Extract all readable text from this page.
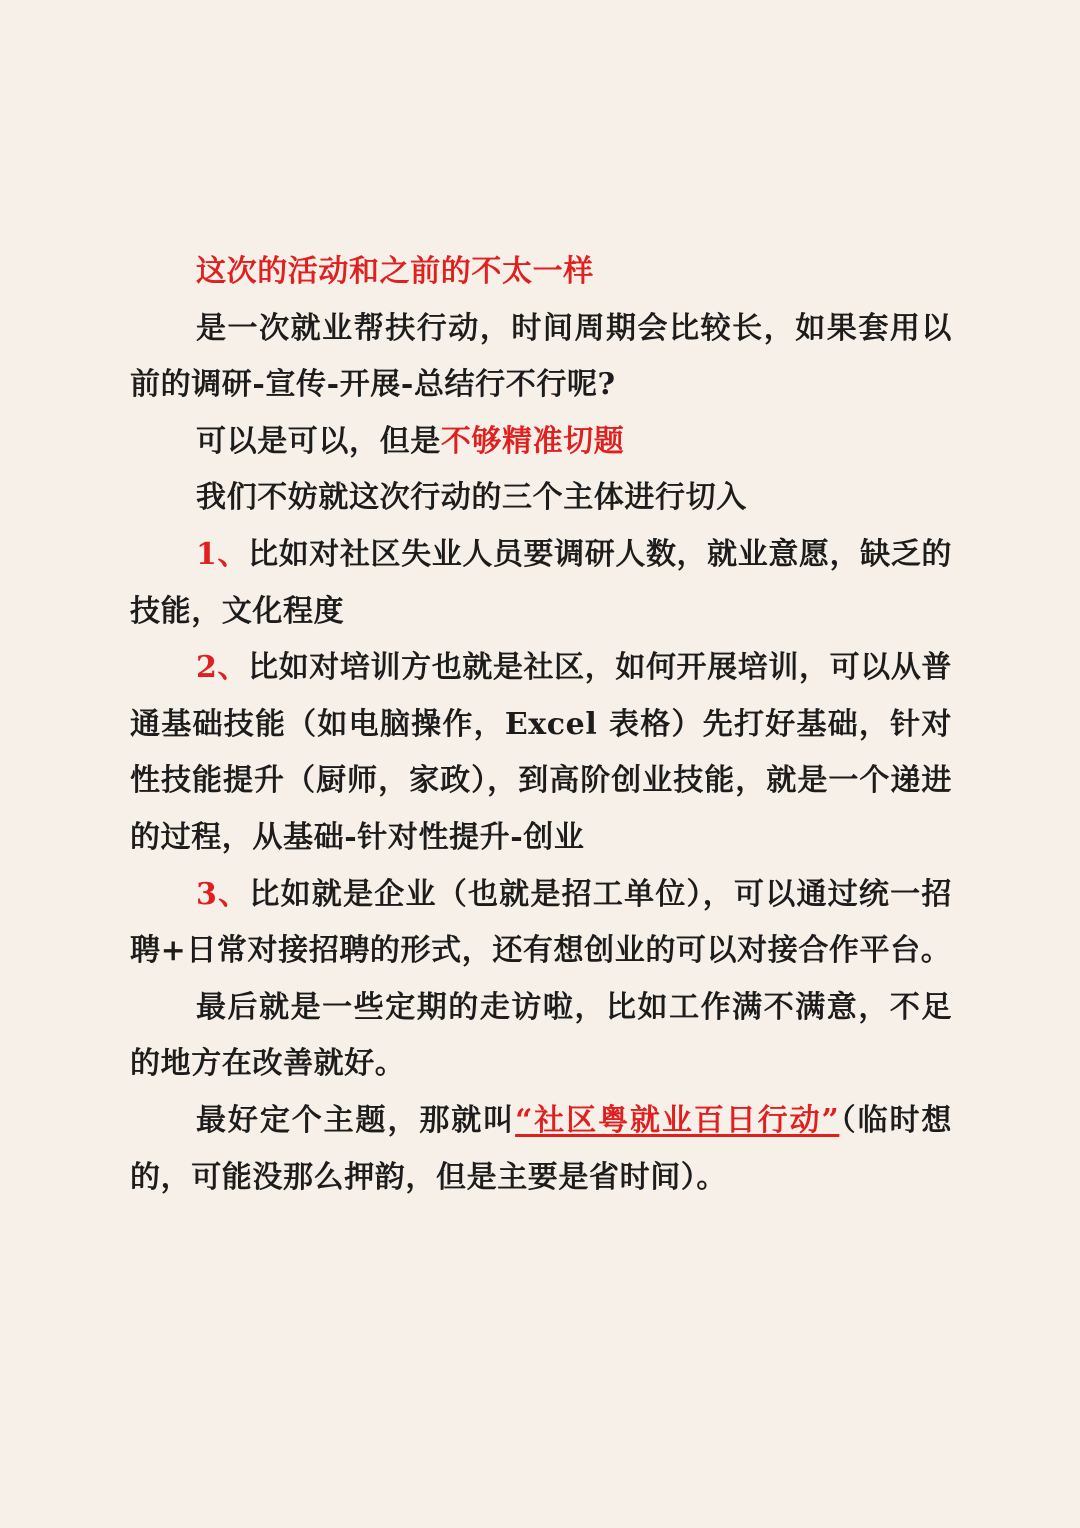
这次的活动和之前的不太一样

是一次就业帮扶行动，时间周期会比较长，如果套用以前的调研-宣传-开展-总结行不行呢?

可以是可以，但是不够精准切题

我们不妨就这次行动的三个主体进行切入

1、比如对社区失业人员要调研人数，就业意愿，缺乏的技能，文化程度

2、比如对培训方也就是社区，如何开展培训，可以从普通基础技能（如电脑操作，Excel 表格）先打好基础，针对性技能提升（厨师，家政），到高阶创业技能，就是一个递进的过程，从基础-针对性提升-创业

3、比如就是企业（也就是招工单位），可以通过统一招聘+日常对接招聘的形式，还有想创业的可以对接合作平台。

最后就是一些定期的走访啦，比如工作满不满意，不足的地方在改善就好。

最好定个主题，那就叫“社区粤就业百日行动”（临时想的，可能没那么押韵，但是主要是省时间）。
